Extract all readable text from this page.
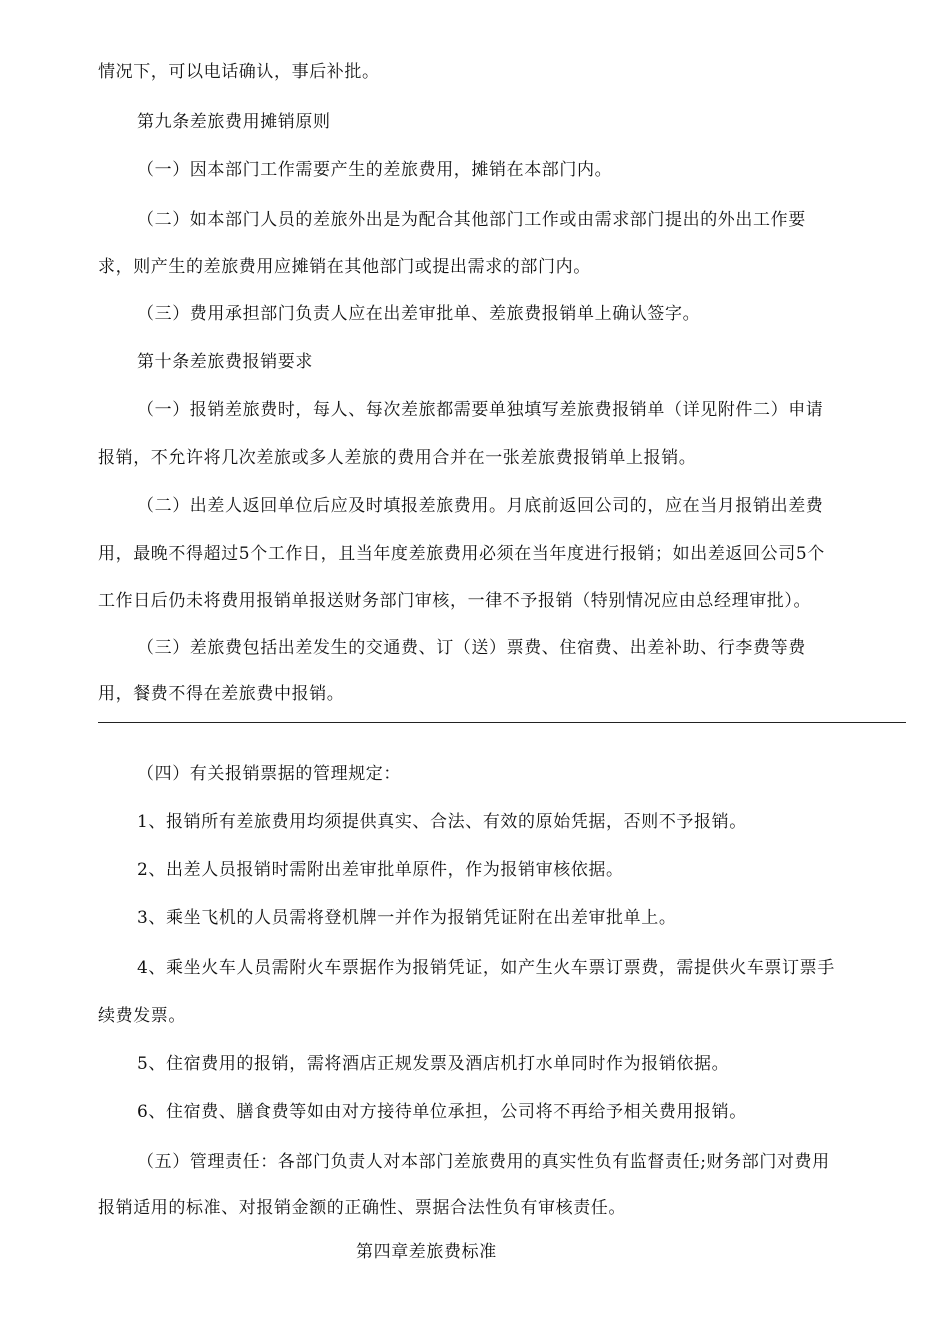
情况下，可以电话确认，事后补批。
第九条差旅费用摊销原则
（一）因本部门工作需要产生的差旅费用，摊销在本部门内。
（二）如本部门人员的差旅外出是为配合其他部门工作或由需求部门提出的外出工作要
求，则产生的差旅费用应摊销在其他部门或提出需求的部门内。
（三）费用承担部门负责人应在出差审批单、差旅费报销单上确认签字。
第十条差旅费报销要求
（一）报销差旅费时，每人、每次差旅都需要单独填写差旅费报销单（详见附件二）申请
报销，不允许将几次差旅或多人差旅的费用合并在一张差旅费报销单上报销。
（二）出差人返回单位后应及时填报差旅费用。月底前返回公司的，应在当月报销出差费
用，最晚不得超过5个工作日，且当年度差旅费用必须在当年度进行报销；如出差返回公司5个
工作日后仍未将费用报销单报送财务部门审核，一律不予报销（特别情况应由总经理审批）。
（三）差旅费包括出差发生的交通费、订（送）票费、住宿费、出差补助、行李费等费
用，餐费不得在差旅费中报销。
（四）有关报销票据的管理规定：
1、报销所有差旅费用均须提供真实、合法、有效的原始凭据，否则不予报销。
2、出差人员报销时需附出差审批单原件，作为报销审核依据。
3、乘坐飞机的人员需将登机牌一并作为报销凭证附在出差审批单上。
4、乘坐火车人员需附火车票据作为报销凭证，如产生火车票订票费，需提供火车票订票手
续费发票。
5、住宿费用的报销，需将酒店正规发票及酒店机打水单同时作为报销依据。
6、住宿费、膳食费等如由对方接待单位承担，公司将不再给予相关费用报销。
（五）管理责任：各部门负责人对本部门差旅费用的真实性负有监督责任;财务部门对费用
报销适用的标准、对报销金额的正确性、票据合法性负有审核责任。
第四章差旅费标准
